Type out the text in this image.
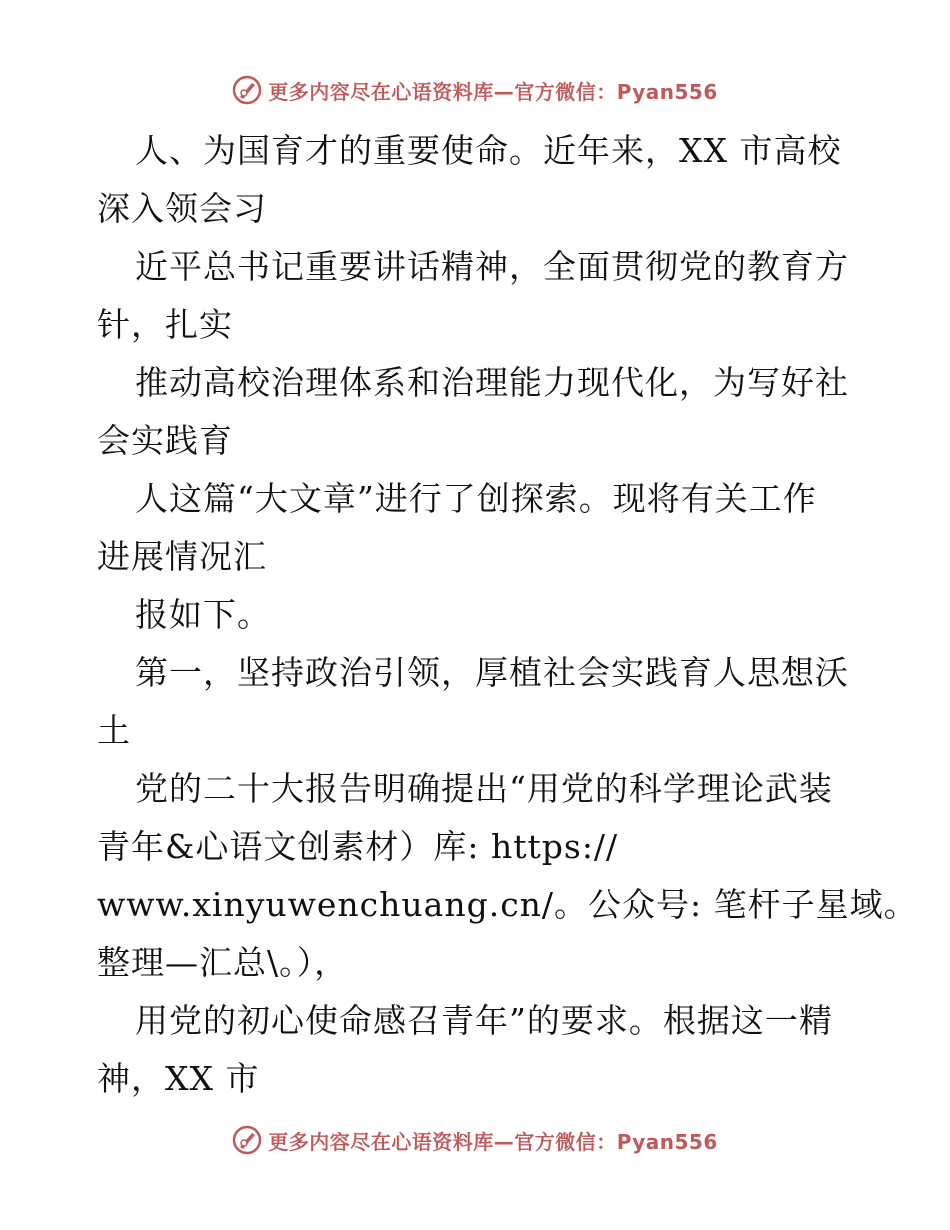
更多内容尽在心语资料库—官方微信：Pyan556
人、为国育才的重要使命。近年来，XX 市高校
深入领会习
近平总书记重要讲话精神，全面贯彻党的教育方
针，扎实
推动高校治理体系和治理能力现代化，为写好社
会实践育
人这篇“大文章”进行了创探索。现将有关工作
进展情况汇
报如下。
第一，坚持政治引领，厚植社会实践育人思想沃
土
党的二十大报告明确提出“用党的科学理论武装
青年&心语文创素材）库: https://
www.xinyuwenchuang.cn/。公众号: 笔杆子星域。
整理—汇总\。），
用党的初心使命感召青年”的要求。根据这一精
神，XX 市
更多内容尽在心语资料库—官方微信：Pyan556
